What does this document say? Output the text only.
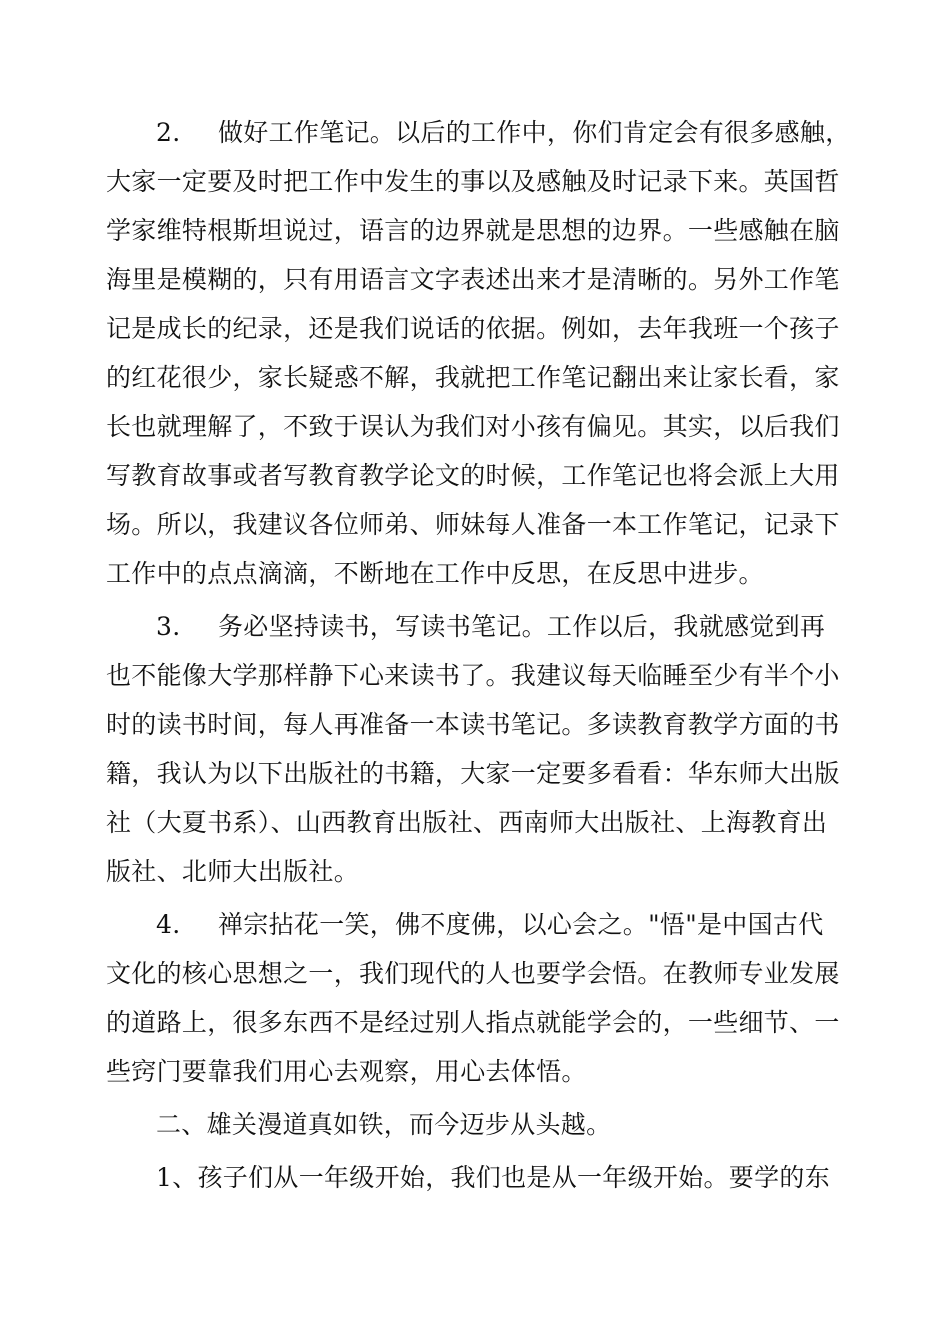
2. 做好工作笔记。以后的工作中，你们肯定会有很多感触，
大家一定要及时把工作中发生的事以及感触及时记录下来。英国哲
学家维特根斯坦说过，语言的边界就是思想的边界。一些感触在脑
海里是模糊的，只有用语言文字表述出来才是清晰的。另外工作笔
记是成长的纪录，还是我们说话的依据。例如，去年我班一个孩子
的红花很少，家长疑惑不解，我就把工作笔记翻出来让家长看，家
长也就理解了，不致于误认为我们对小孩有偏见。其实，以后我们
写教育故事或者写教育教学论文的时候，工作笔记也将会派上大用
场。所以，我建议各位师弟、师妹每人准备一本工作笔记，记录下
工作中的点点滴滴，不断地在工作中反思，在反思中进步。
3. 务必坚持读书，写读书笔记。工作以后，我就感觉到再
也不能像大学那样静下心来读书了。我建议每天临睡至少有半个小
时的读书时间，每人再准备一本读书笔记。多读教育教学方面的书
籍，我认为以下出版社的书籍，大家一定要多看看：华东师大出版
社（大夏书系）、山西教育出版社、西南师大出版社、上海教育出
版社、北师大出版社。
4. 禅宗拈花一笑，佛不度佛，以心会之。"悟"是中国古代
文化的核心思想之一，我们现代的人也要学会悟。在教师专业发展
的道路上，很多东西不是经过别人指点就能学会的，一些细节、一
些窍门要靠我们用心去观察，用心去体悟。
二、雄关漫道真如铁，而今迈步从头越。
1、孩子们从一年级开始，我们也是从一年级开始。要学的东
